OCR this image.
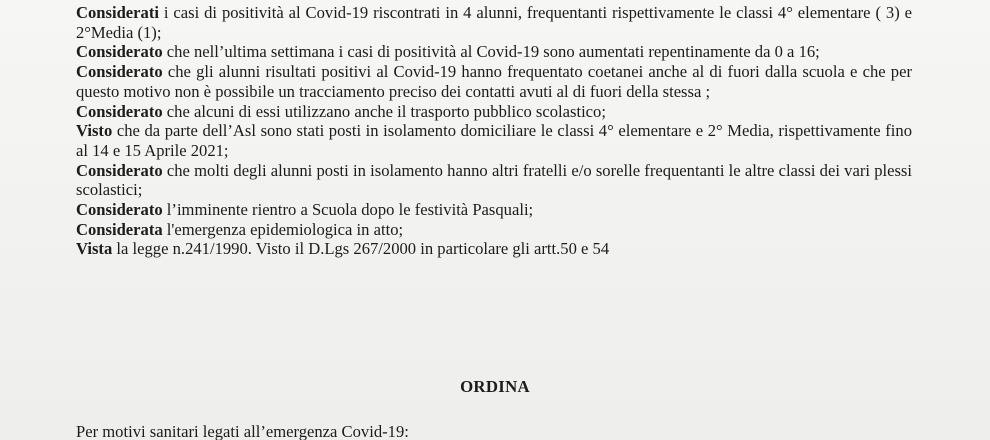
Considerati i casi di positività al Covid-19 riscontrati in 4 alunni, frequentanti rispettivamente le classi 4° elementare ( 3) e 2°Media (1);

Considerato che nell’ultima settimana i casi di positività al Covid-19 sono aumentati repentinamente da 0 a 16;

Considerato che gli alunni risultati positivi al Covid-19 hanno frequentato coetanei anche al di fuori dalla scuola e che per questo motivo non è possibile un tracciamento preciso dei contatti avuti al di fuori della stessa ;

Considerato che alcuni di essi utilizzano anche il trasporto pubblico scolastico;

Visto che da parte dell’Asl sono stati posti in isolamento domiciliare le classi 4° elementare e 2° Media, rispettivamente fino al 14 e 15 Aprile 2021;

Considerato che molti degli alunni posti in isolamento hanno altri fratelli e/o sorelle frequentanti le altre classi dei vari plessi scolastici;

Considerato l’imminente rientro a Scuola dopo le festività Pasquali;

Considerata l'emergenza epidemiologica in atto;

Vista la legge n.241/1990. Visto il D.Lgs 267/2000 in particolare gli artt.50 e 54

ORDINA
Per motivi sanitari legati all’emergenza Covid-19:
